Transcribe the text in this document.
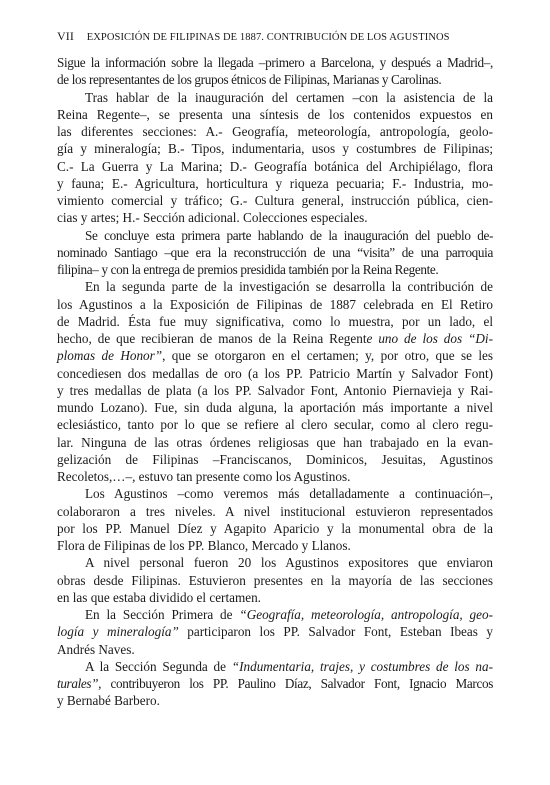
VII EXPOSICIÓN DE FILIPINAS DE 1887. CONTRIBUCIÓN DE LOS AGUSTINOS
Sigue la información sobre la llegada –primero a Barcelona, y después a Madrid–,
de los representantes de los grupos étnicos de Filipinas, Marianas y Carolinas.
Tras hablar de la inauguración del certamen –con la asistencia de la
Reina Regente–, se presenta una síntesis de los contenidos expuestos en
las diferentes secciones: A.- Geografía, meteorología, antropología, geolo-
gía y mineralogía; B.- Tipos, indumentaria, usos y costumbres de Filipinas;
C.- La Guerra y La Marina; D.- Geografía botánica del Archipiélago, flora
y fauna; E.- Agricultura, horticultura y riqueza pecuaria; F.- Industria, mo-
vimiento comercial y tráfico; G.- Cultura general, instrucción pública, cien-
cias y artes; H.- Sección adicional. Colecciones especiales.
Se concluye esta primera parte hablando de la inauguración del pueblo de-
nominado Santiago –que era la reconstrucción de una “visita” de una parroquia
filipina– y con la entrega de premios presidida también por la Reina Regente.
En la segunda parte de la investigación se desarrolla la contribución de
los Agustinos a la Exposición de Filipinas de 1887 celebrada en El Retiro
de Madrid. Ésta fue muy significativa, como lo muestra, por un lado, el
hecho, de que recibieran de manos de la Reina Regente uno de los dos “Di-
plomas de Honor”, que se otorgaron en el certamen; y, por otro, que se les
concediesen dos medallas de oro (a los PP. Patricio Martín y Salvador Font)
y tres medallas de plata (a los PP. Salvador Font, Antonio Piernavieja y Rai-
mundo Lozano). Fue, sin duda alguna, la aportación más importante a nivel
eclesiástico, tanto por lo que se refiere al clero secular, como al clero regu-
lar. Ninguna de las otras órdenes religiosas que han trabajado en la evan-
gelización de Filipinas –Franciscanos, Dominicos, Jesuitas, Agustinos
Recoletos,…–, estuvo tan presente como los Agustinos.
Los Agustinos –como veremos más detalladamente a continuación–,
colaboraron a tres niveles. A nivel institucional estuvieron representados
por los PP. Manuel Díez y Agapito Aparicio y la monumental obra de la
Flora de Filipinas de los PP. Blanco, Mercado y Llanos.
A nivel personal fueron 20 los Agustinos expositores que enviaron
obras desde Filipinas. Estuvieron presentes en la mayoría de las secciones
en las que estaba dividido el certamen.
En la Sección Primera de “Geografía, meteorología, antropología, geo-
logía y mineralogía” participaron los PP. Salvador Font, Esteban Ibeas y
Andrés Naves.
A la Sección Segunda de “Indumentaria, trajes, y costumbres de los na-
turales”, contribuyeron los PP. Paulino Díaz, Salvador Font, Ignacio Marcos
y Bernabé Barbero.
